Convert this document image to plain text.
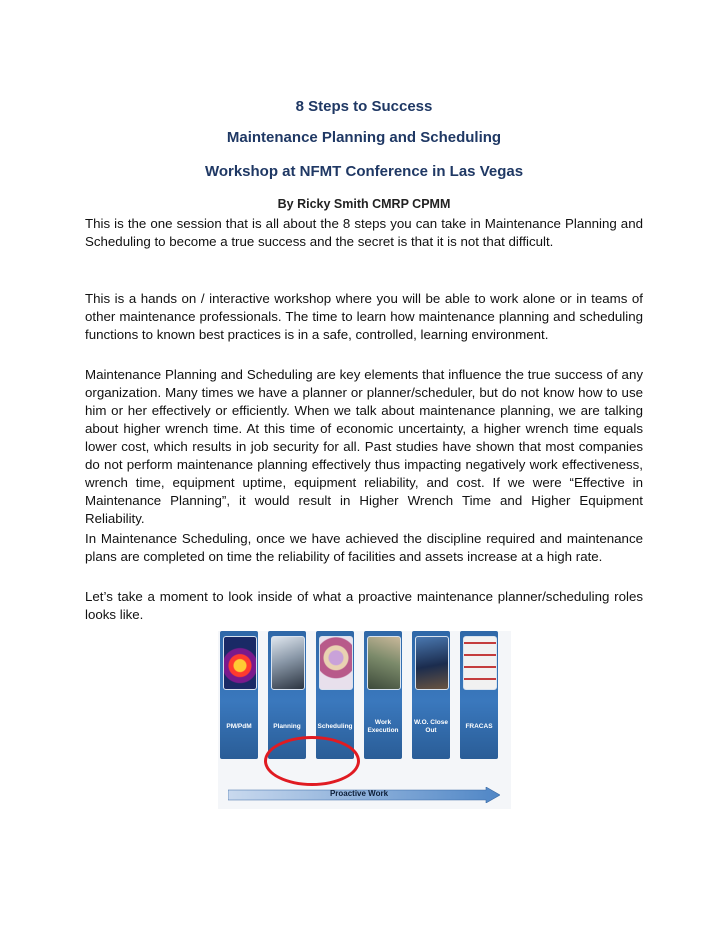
8 Steps to Success
Maintenance Planning and Scheduling
Workshop at NFMT Conference in Las Vegas
By Ricky Smith CMRP CPMM

This is the one session that is all about the 8 steps you can take in Maintenance Planning and Scheduling to become a true success and the secret is that it is not that difficult.

This is a hands on / interactive workshop where you will be able to work alone or in teams of other maintenance professionals. The time to learn how maintenance planning and scheduling functions to known best practices is in a safe, controlled, learning environment.

Maintenance Planning and Scheduling are key elements that influence the true success of any organization. Many times we have a planner or planner/scheduler, but do not know how to use him or her effectively or efficiently. When we talk about maintenance planning, we are talking about higher wrench time. At this time of economic uncertainty, a higher wrench time equals lower cost, which results in job security for all. Past studies have shown that most companies do not perform maintenance planning effectively thus impacting negatively work effectiveness, wrench time, equipment uptime, equipment reliability, and cost. If we were “Effective in Maintenance Planning”, it would result in Higher Wrench Time and Higher Equipment Reliability.

In Maintenance Scheduling, once we have achieved the discipline required and maintenance plans are completed on time the reliability of facilities and assets increase at a high rate.

Let’s take a moment to look inside of what a proactive maintenance planner/scheduling roles looks like.

PM/PdM	Planning	Scheduling
Work Execution
W.O. Close Out
FRACAS
Proactive Work
